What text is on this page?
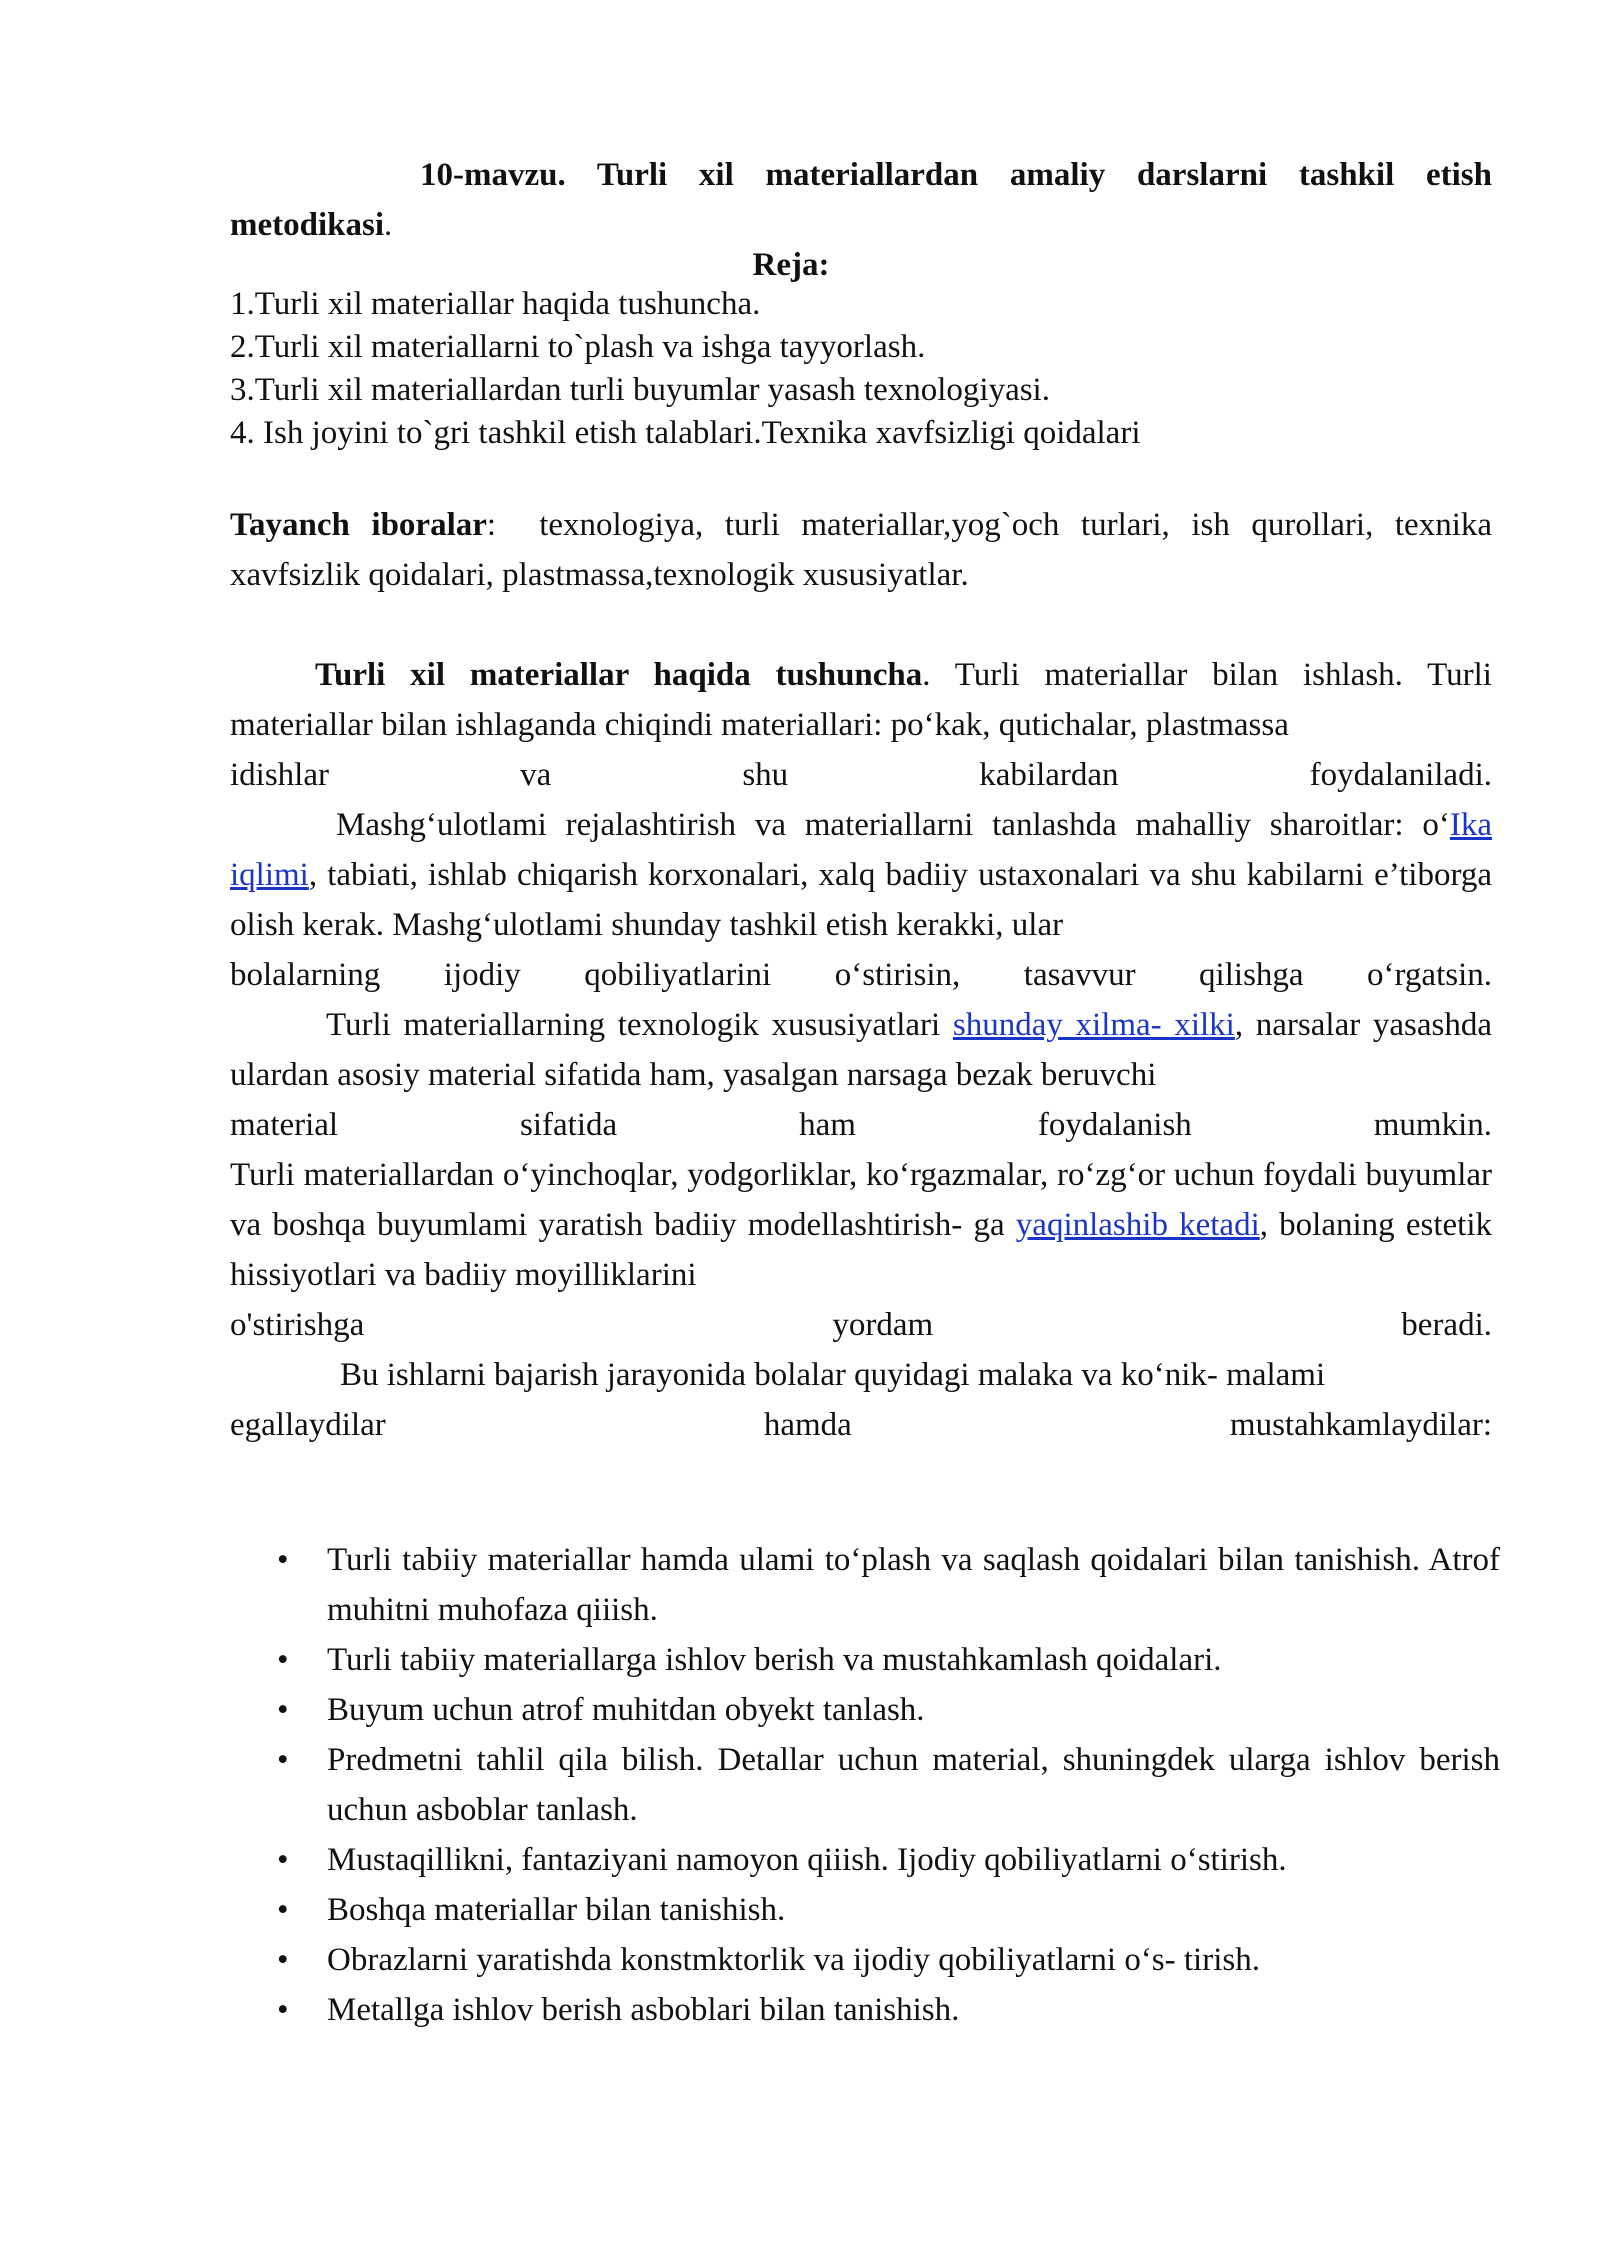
10-mavzu. Turli xil materiallardan amaliy darslarni tashkil etish metodikasi.
Reja:
1.Turli xil materiallar haqida tushuncha.
2.Turli xil materiallarni to`plash va ishga tayyorlash.
3.Turli xil materiallardan turli buyumlar yasash texnologiyasi.
4. Ish joyini to`gri tashkil etish talablari.Texnika xavfsizligi qoidalari
Tayanch iboralar: texnologiya, turli materiallar,yog`och turlari, ish qurollari, texnika xavfsizlik qoidalari, plastmassa,texnologik xususiyatlar.
Turli xil materiallar haqida tushuncha. Turli materiallar bilan ishlash. Turli materiallar bilan ishlaganda chiqindi materiallari: po‘kak, qutichalar, plastmassa
idishlar va shu kabilardan foydalaniladi.
Mashg‘ulotlami rejalashtirish va materiallarni tanlashda mahalliy sharoitlar: o‘Ika iqlimi, tabiati, ishlab chiqarish korxonalari, xalq badiiy ustaxonalari va shu kabilarni e’tiborga olish kerak. Mashg‘ulotlami shunday tashkil etish kerakki, ular
bolalarning ijodiy qobiliyatlarini o‘stirisin, tasavvur qilishga o‘rgatsin.
Turli materiallarning texnologik xususiyatlari shunday xilma- xilki, narsalar yasashda ulardan asosiy material sifatida ham, yasalgan narsaga bezak beruvchi
material sifatida ham foydalanish mumkin.
Turli materiallardan o‘yinchoqlar, yodgorliklar, ko‘rgazmalar, ro‘zg‘or uchun foydali buyumlar va boshqa buyumlami yaratish badiiy modellashtirish- ga yaqinlashib ketadi, bolaning estetik hissiyotlari va badiiy moyilliklarini
o'stirishga yordam beradi.
Bu ishlarni bajarish jarayonida bolalar quyidagi malaka va ko‘nik- malami
egallaydilar hamda mustahkamlaydilar:
• Turli tabiiy materiallar hamda ulami to‘plash va saqlash qoidalari bilan tanishish. Atrof muhitni muhofaza qiiish.
• Turli tabiiy materiallarga ishlov berish va mustahkamlash qoidalari.
• Buyum uchun atrof muhitdan obyekt tanlash.
• Predmetni tahlil qila bilish. Detallar uchun material, shuningdek ularga ishlov berish uchun asboblar tanlash.
• Mustaqillikni, fantaziyani namoyon qiiish. Ijodiy qobiliyatlarni o‘stirish.
• Boshqa materiallar bilan tanishish.
• Obrazlarni yaratishda konstmktorlik va ijodiy qobiliyatlarni o‘s- tirish.
• Metallga ishlov berish asboblari bilan tanishish.
